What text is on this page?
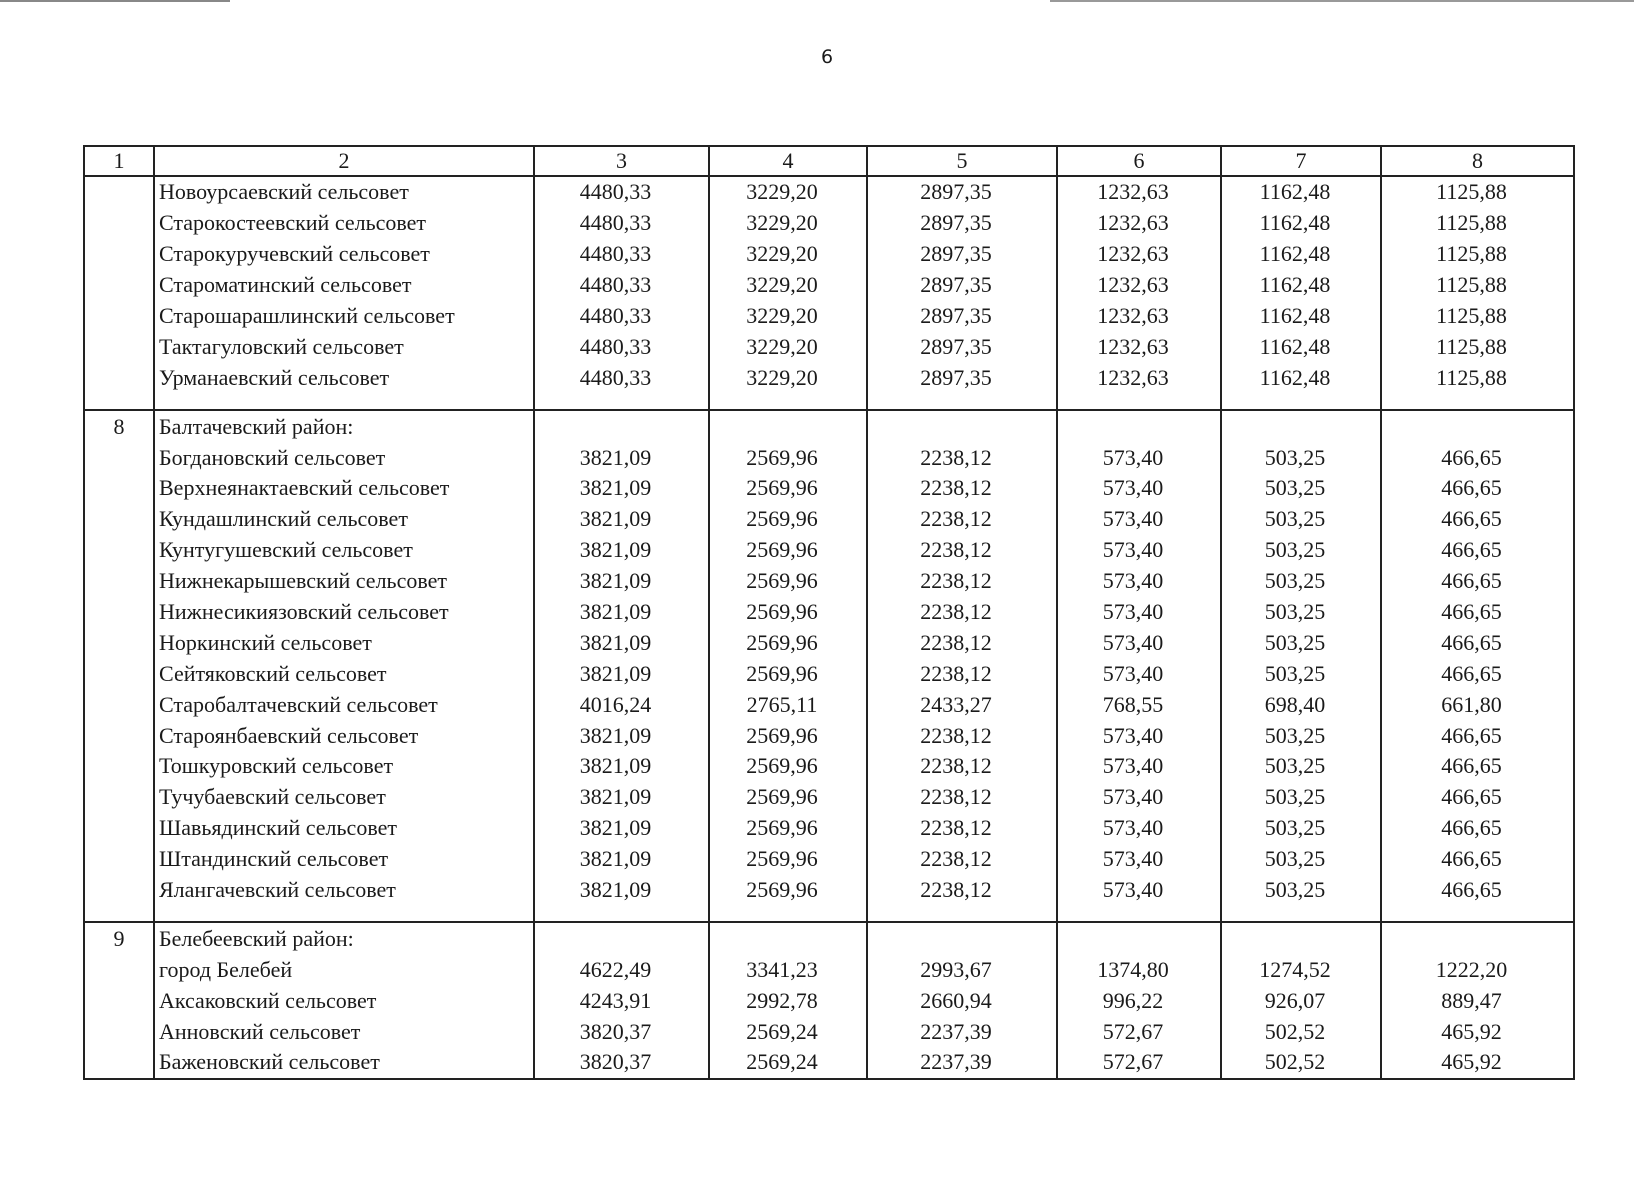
6
1	2	3	4	5	6	7	8
	Новоурсаевский сельсовет	4480,33	3229,20	2897,35	1232,63	1162,48	1125,88
	Старокостеевский сельсовет	4480,33	3229,20	2897,35	1232,63	1162,48	1125,88
	Старокуручевский сельсовет	4480,33	3229,20	2897,35	1232,63	1162,48	1125,88
	Староматинский сельсовет	4480,33	3229,20	2897,35	1232,63	1162,48	1125,88
	Старошарашлинский сельсовет	4480,33	3229,20	2897,35	1232,63	1162,48	1125,88
	Тактагуловский сельсовет	4480,33	3229,20	2897,35	1232,63	1162,48	1125,88
	Урманаевский сельсовет	4480,33	3229,20	2897,35	1232,63	1162,48	1125,88

8	Балтачевский район:						
	Богдановский сельсовет	3821,09	2569,96	2238,12	573,40	503,25	466,65
	Верхнеянактаевский сельсовет	3821,09	2569,96	2238,12	573,40	503,25	466,65
	Кундашлинский сельсовет	3821,09	2569,96	2238,12	573,40	503,25	466,65
	Кунтугушевский сельсовет	3821,09	2569,96	2238,12	573,40	503,25	466,65
	Нижнекарышевский сельсовет	3821,09	2569,96	2238,12	573,40	503,25	466,65
	Нижнесикиязовский сельсовет	3821,09	2569,96	2238,12	573,40	503,25	466,65
	Норкинский сельсовет	3821,09	2569,96	2238,12	573,40	503,25	466,65
	Сейтяковский сельсовет	3821,09	2569,96	2238,12	573,40	503,25	466,65
	Старобалтачевский сельсовет	4016,24	2765,11	2433,27	768,55	698,40	661,80
	Староянбаевский сельсовет	3821,09	2569,96	2238,12	573,40	503,25	466,65
	Тошкуровский сельсовет	3821,09	2569,96	2238,12	573,40	503,25	466,65
	Тучубаевский сельсовет	3821,09	2569,96	2238,12	573,40	503,25	466,65
	Шавьядинский сельсовет	3821,09	2569,96	2238,12	573,40	503,25	466,65
	Штандинский сельсовет	3821,09	2569,96	2238,12	573,40	503,25	466,65
	Ялангачевский сельсовет	3821,09	2569,96	2238,12	573,40	503,25	466,65

9	Белебеевский район:						
	город Белебей	4622,49	3341,23	2993,67	1374,80	1274,52	1222,20
	Аксаковский сельсовет	4243,91	2992,78	2660,94	996,22	926,07	889,47
	Анновский сельсовет	3820,37	2569,24	2237,39	572,67	502,52	465,92
	Баженовский сельсовет	3820,37	2569,24	2237,39	572,67	502,52	465,92
